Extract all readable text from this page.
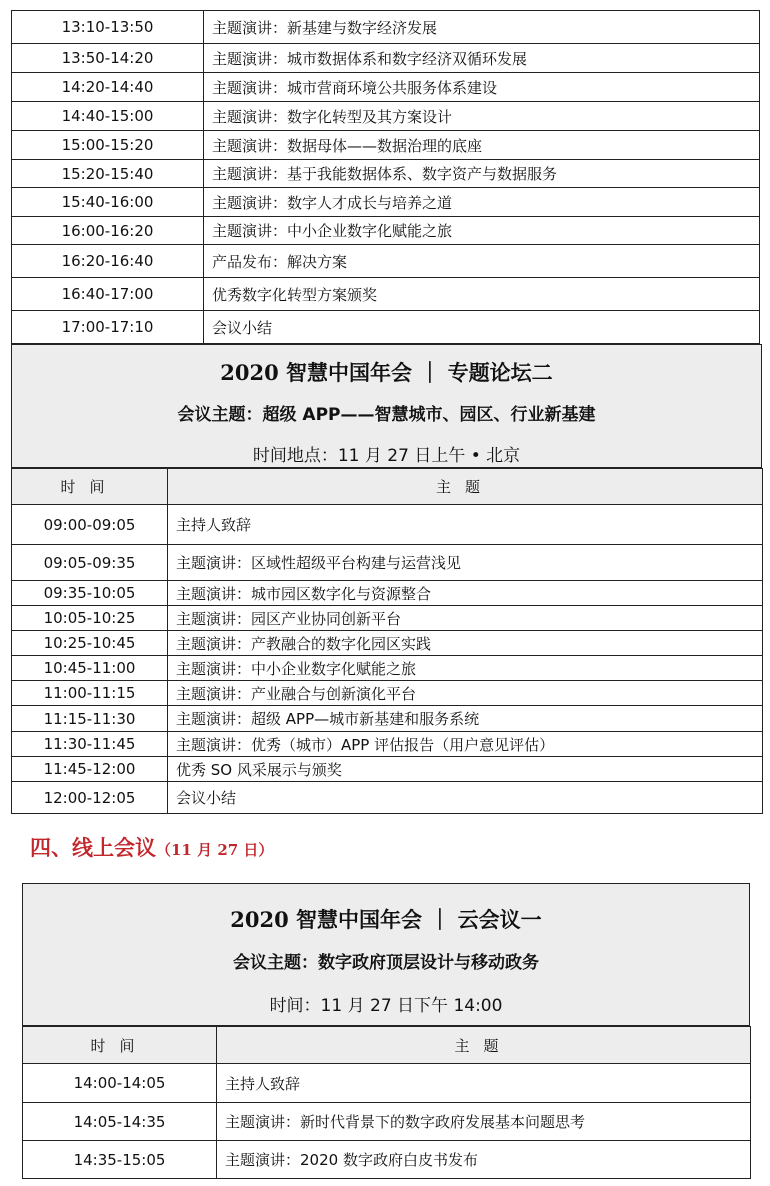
13:10-13:50	主题演讲：新基建与数字经济发展
13:50-14:20	主题演讲：城市数据体系和数字经济双循环发展
14:20-14:40	主题演讲：城市营商环境公共服务体系建设
14:40-15:00	主题演讲：数字化转型及其方案设计
15:00-15:20	主题演讲：数据母体——数据治理的底座
15:20-15:40	主题演讲：基于我能数据体系、数字资产与数据服务
15:40-16:00	主题演讲：数字人才成长与培养之道
16:00-16:20	主题演讲：中小企业数字化赋能之旅
16:20-16:40	产品发布：解决方案
16:40-17:00	优秀数字化转型方案颁奖
17:00-17:10	会议小结
2020 智慧中国年会 ｜ 专题论坛二
会议主题：超级 APP——智慧城市、园区、行业新基建
时间地点：11 月 27 日上午 • 北京
时间	主题
09:00-09:05	主持人致辞
09:05-09:35	主题演讲：区域性超级平台构建与运营浅见
09:35-10:05	主题演讲：城市园区数字化与资源整合
10:05-10:25	主题演讲：园区产业协同创新平台
10:25-10:45	主题演讲：产教融合的数字化园区实践
10:45-11:00	主题演讲：中小企业数字化赋能之旅
11:00-11:15	主题演讲：产业融合与创新演化平台
11:15-11:30	主题演讲：超级 APP—城市新基建和服务系统
11:30-11:45	主题演讲：优秀（城市）APP 评估报告（用户意见评估）
11:45-12:00	优秀 SO 风采展示与颁奖
12:00-12:05	会议小结
四、线上会议（11 月 27 日）
2020 智慧中国年会 ｜ 云会议一
会议主题：数字政府顶层设计与移动政务
时间：11 月 27 日下午 14:00
时间	主题
14:00-14:05	主持人致辞
14:05-14:35	主题演讲：新时代背景下的数字政府发展基本问题思考
14:35-15:05	主题演讲：2020 数字政府白皮书发布
